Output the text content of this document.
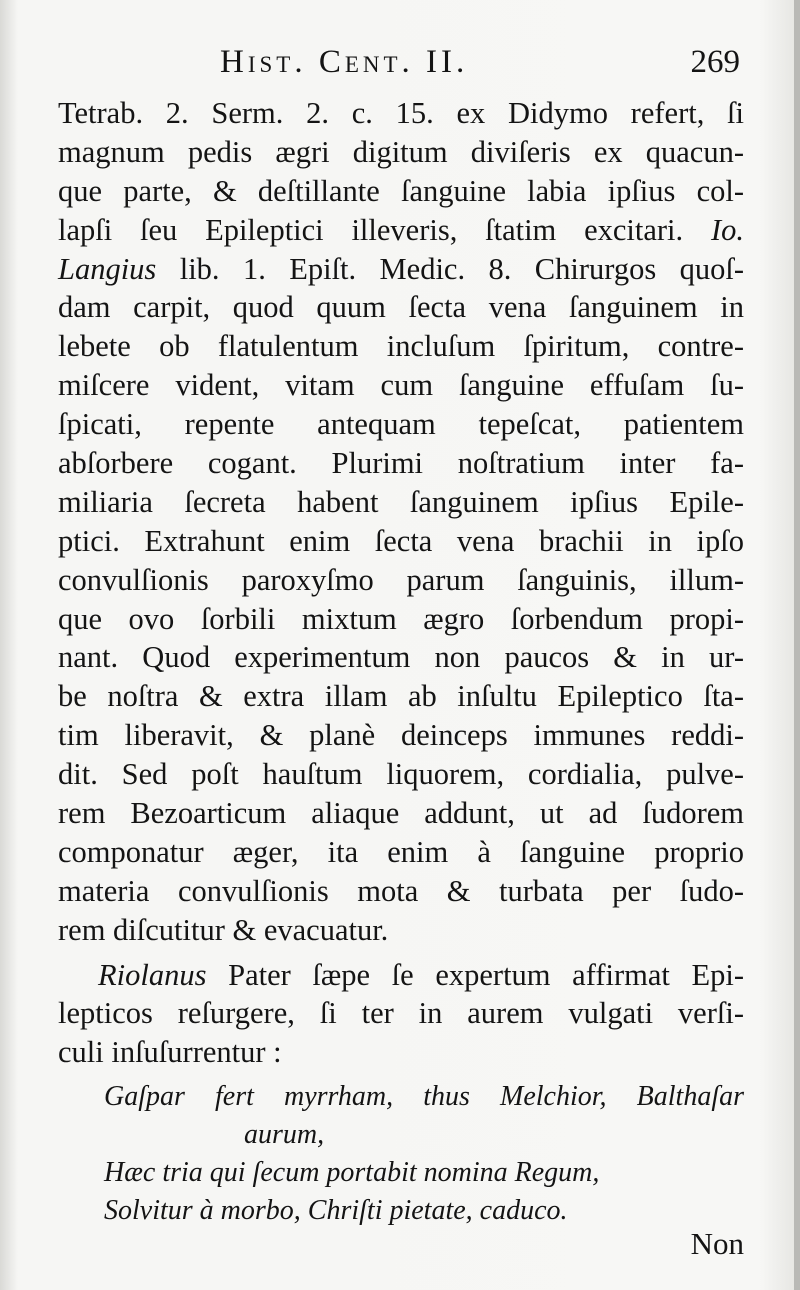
Hist. Cent. II.	269
Tetrab. 2. Serm. 2. c. 15. ex Didymo refert, ſi
magnum pedis ægri digitum diviſeris ex quacun-
que parte, & deſtillante ſanguine labia ipſius col-
lapſi ſeu Epileptici illeveris, ſtatim excitari. Io.
Langius lib. 1. Epiſt. Medic. 8. Chirurgos quoſ-
dam carpit, quod quum ſecta vena ſanguinem in
lebete ob flatulentum incluſum ſpiritum, contre-
miſcere vident, vitam cum ſanguine effuſam ſu-
ſpicati, repente antequam tepeſcat, patientem
abſorbere cogant. Plurimi noſtratium inter fa-
miliaria ſecreta habent ſanguinem ipſius Epile-
ptici. Extrahunt enim ſecta vena brachii in ipſo
convulſionis paroxyſmo parum ſanguinis, illum-
que ovo ſorbili mixtum ægro ſorbendum propi-
nant. Quod experimentum non paucos & in ur-
be noſtra & extra illam ab inſultu Epileptico ſta-
tim liberavit, & planè deinceps immunes reddi-
dit. Sed poſt hauſtum liquorem, cordialia, pulve-
rem Bezoarticum aliaque addunt, ut ad ſudorem
componatur æger, ita enim à ſanguine proprio
materia convulſionis mota & turbata per ſudo-
rem diſcutitur & evacuatur.
Riolanus Pater ſæpe ſe expertum affirmat Epi-
lepticos reſurgere, ſi ter in aurem vulgati verſi-
culi inſuſurrentur :
Gaſpar fert myrrham, thus Melchior, Balthaſar
aurum,
Hæc tria qui ſecum portabit nomina Regum,
Solvitur à morbo, Chriſti pietate, caduco.
Non
